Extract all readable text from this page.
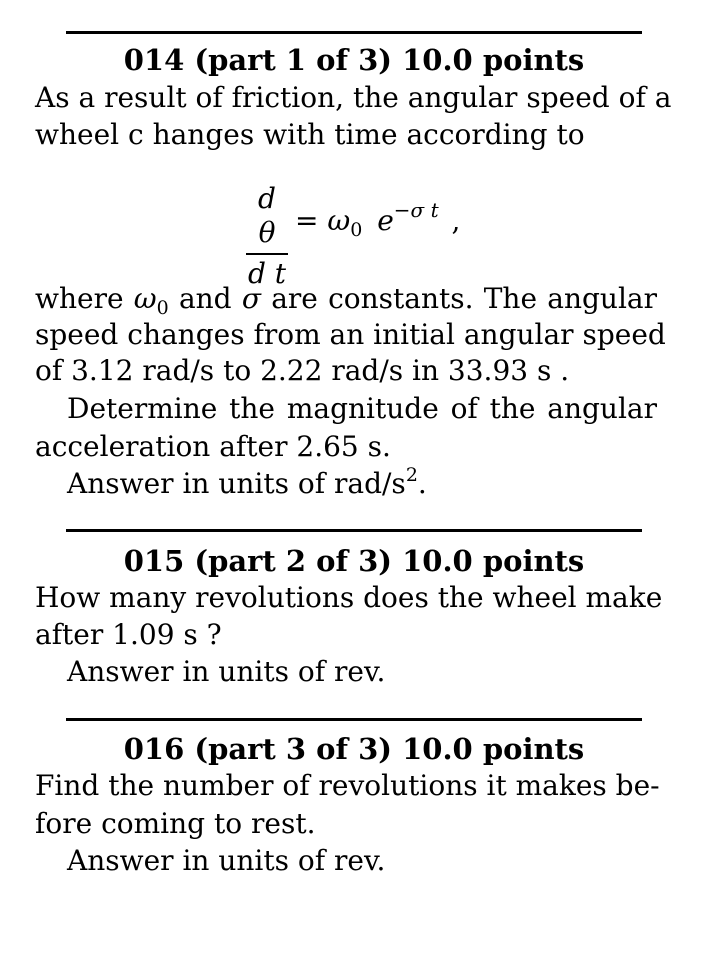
014 (part 1 of 3) 10.0 points
As a result of friction, the angular speed of a
wheel c hanges with time according to
d θ
d t
= $\omega_0$ $e^{-\sigma t}$ ,
where $\omega_0$ and σ are constants. The angular
speed changes from an initial angular speed
of 3.12 rad/s to 2.22 rad/s in 33.93 s .
Determine the magnitude of the angular
acceleration after 2.65 s.
Answer in units of rad/$s^2$.
015 (part 2 of 3) 10.0 points
How many revolutions does the wheel make
after 1.09 s ?
Answer in units of rev.
016 (part 3 of 3) 10.0 points
Find the number of revolutions it makes be-
fore coming to rest.
Answer in units of rev.
